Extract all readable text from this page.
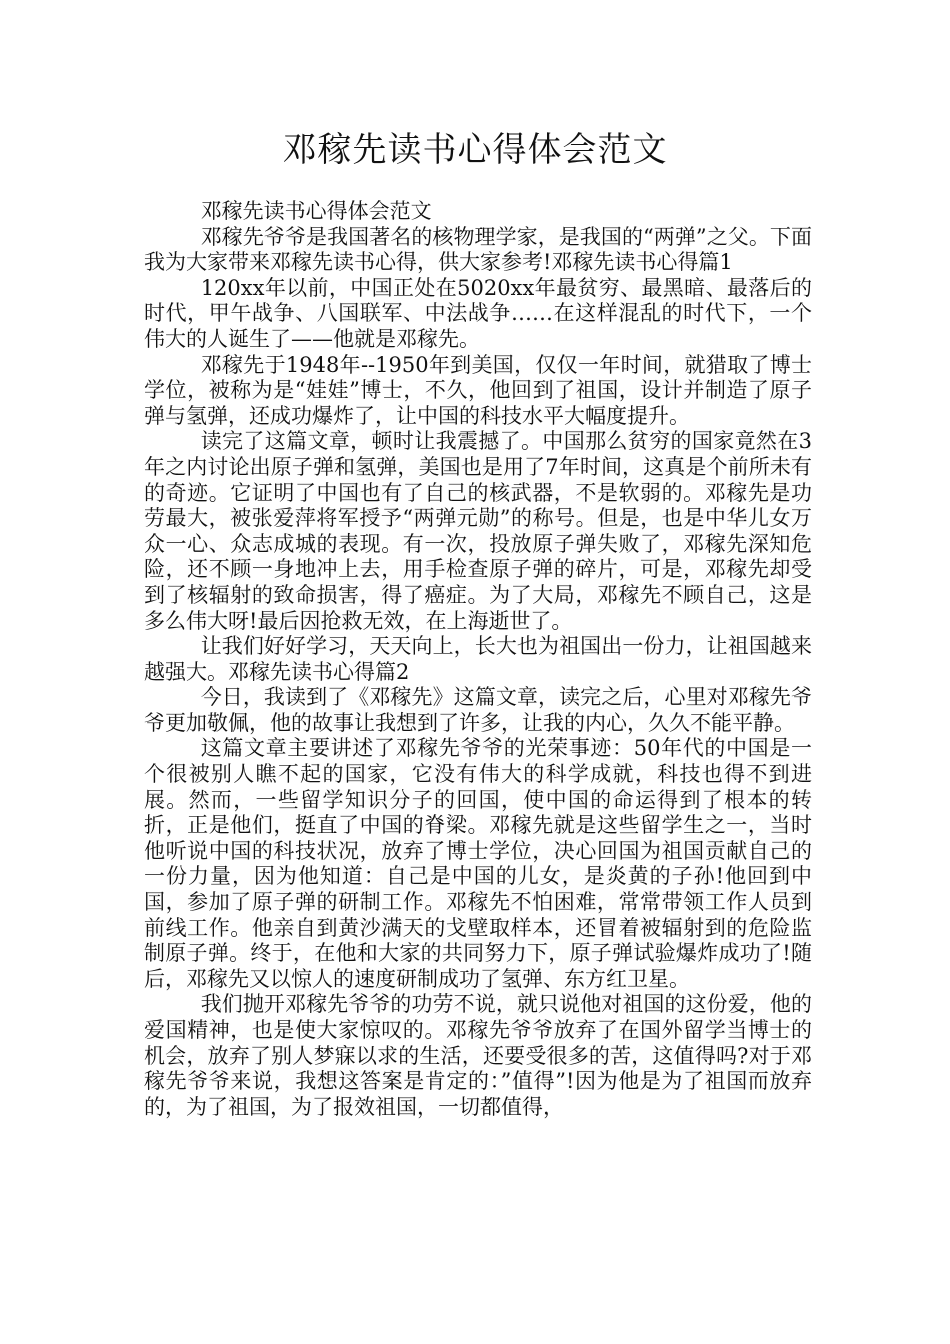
邓稼先读书心得体会范文

邓稼先读书心得体会范文

邓稼先爷爷是我国著名的核物理学家，是我国的“两弹”之父。下面我为大家带来邓稼先读书心得，供大家参考!邓稼先读书心得篇1

120xx年以前，中国正处在5020xx年最贫穷、最黑暗、最落后的时代，甲午战争、八国联军、中法战争……在这样混乱的时代下，一个伟大的人诞生了——他就是邓稼先。

邓稼先于1948年--1950年到美国，仅仅一年时间，就猎取了博士学位，被称为是“娃娃”博士，不久，他回到了祖国，设计并制造了原子弹与氢弹，还成功爆炸了，让中国的科技水平大幅度提升。

读完了这篇文章，顿时让我震撼了。中国那么贫穷的国家竟然在3年之内讨论出原子弹和氢弹，美国也是用了7年时间，这真是个前所未有的奇迹。它证明了中国也有了自己的核武器，不是软弱的。邓稼先是功劳最大，被张爱萍将军授予“两弹元勋”的称号。但是，也是中华儿女万众一心、众志成城的表现。有一次，投放原子弹失败了，邓稼先深知危险，还不顾一身地冲上去，用手检查原子弹的碎片，可是，邓稼先却受到了核辐射的致命损害，得了癌症。为了大局，邓稼先不顾自己，这是多么伟大呀!最后因抢救无效，在上海逝世了。

让我们好好学习，天天向上，长大也为祖国出一份力，让祖国越来越强大。邓稼先读书心得篇2

今日，我读到了《邓稼先》这篇文章，读完之后，心里对邓稼先爷爷更加敬佩，他的故事让我想到了许多，让我的内心，久久不能平静。

这篇文章主要讲述了邓稼先爷爷的光荣事迹：50年代的中国是一个很被别人瞧不起的国家，它没有伟大的科学成就，科技也得不到进展。然而，一些留学知识分子的回国，使中国的命运得到了根本的转折，正是他们，挺直了中国的脊梁。邓稼先就是这些留学生之一，当时他听说中国的科技状况，放弃了博士学位，决心回国为祖国贡献自己的一份力量，因为他知道：自己是中国的儿女，是炎黄的子孙!他回到中国，参加了原子弹的研制工作。邓稼先不怕困难，常常带领工作人员到前线工作。他亲自到黄沙满天的戈壁取样本，还冒着被辐射到的危险监制原子弹。终于，在他和大家的共同努力下，原子弹试验爆炸成功了!随后，邓稼先又以惊人的速度研制成功了氢弹、东方红卫星。

我们抛开邓稼先爷爷的功劳不说，就只说他对祖国的这份爱，他的爱国精神，也是使大家惊叹的。邓稼先爷爷放弃了在国外留学当博士的机会，放弃了别人梦寐以求的生活，还要受很多的苦，这值得吗?对于邓稼先爷爷来说，我想这答案是肯定的：”值得”!因为他是为了祖国而放弃的，为了祖国，为了报效祖国，一切都值得，
